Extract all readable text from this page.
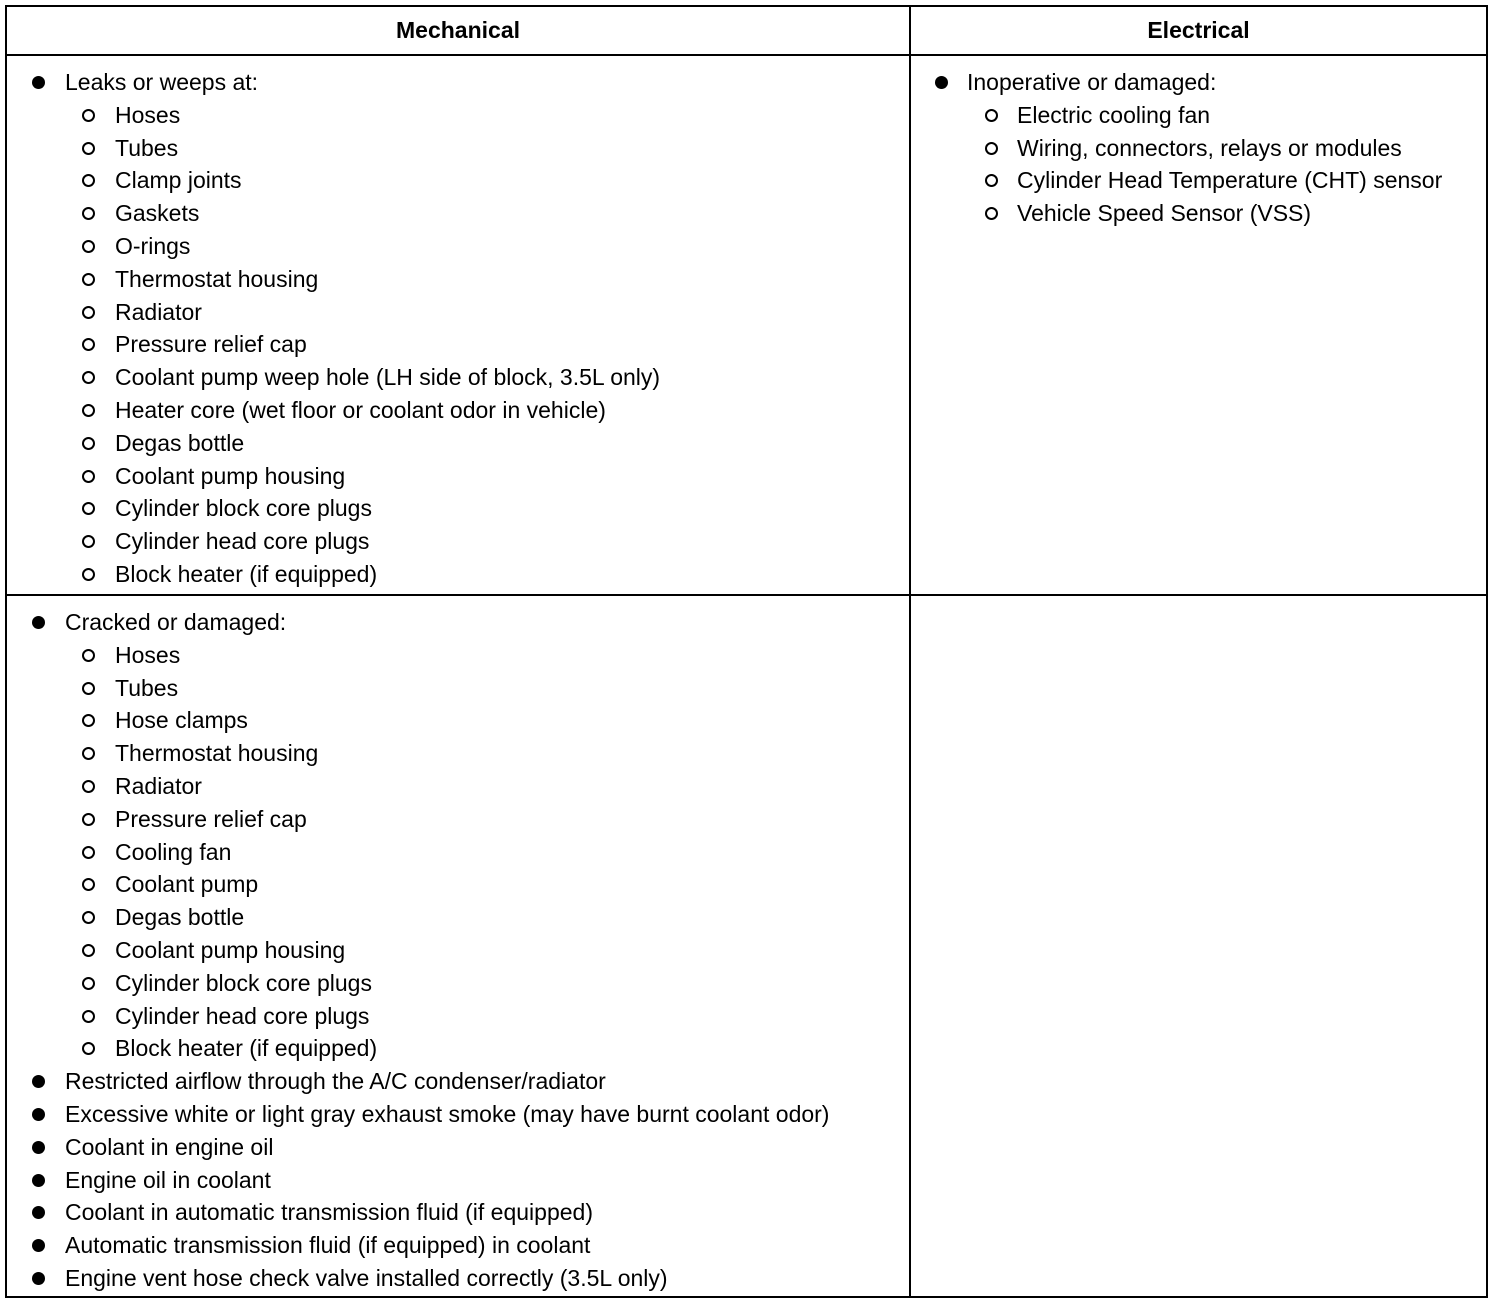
Mechanical	Electrical
Leaks or weeps at:
Hoses
Tubes
Clamp joints
Gaskets
O-rings
Thermostat housing
Radiator
Pressure relief cap
Coolant pump weep hole (LH side of block, 3.5L only)
Heater core (wet floor or coolant odor in vehicle)
Degas bottle
Coolant pump housing
Cylinder block core plugs
Cylinder head core plugs
Block heater (if equipped)
Inoperative or damaged:
Electric cooling fan
Wiring, connectors, relays or modules
Cylinder Head Temperature (CHT) sensor
Vehicle Speed Sensor (VSS)
Cracked or damaged:
Hoses
Tubes
Hose clamps
Thermostat housing
Radiator
Pressure relief cap
Cooling fan
Coolant pump
Degas bottle
Coolant pump housing
Cylinder block core plugs
Cylinder head core plugs
Block heater (if equipped)
Restricted airflow through the A/C condenser/radiator
Excessive white or light gray exhaust smoke (may have burnt coolant odor)
Coolant in engine oil
Engine oil in coolant
Coolant in automatic transmission fluid (if equipped)
Automatic transmission fluid (if equipped) in coolant
Engine vent hose check valve installed correctly (3.5L only)
